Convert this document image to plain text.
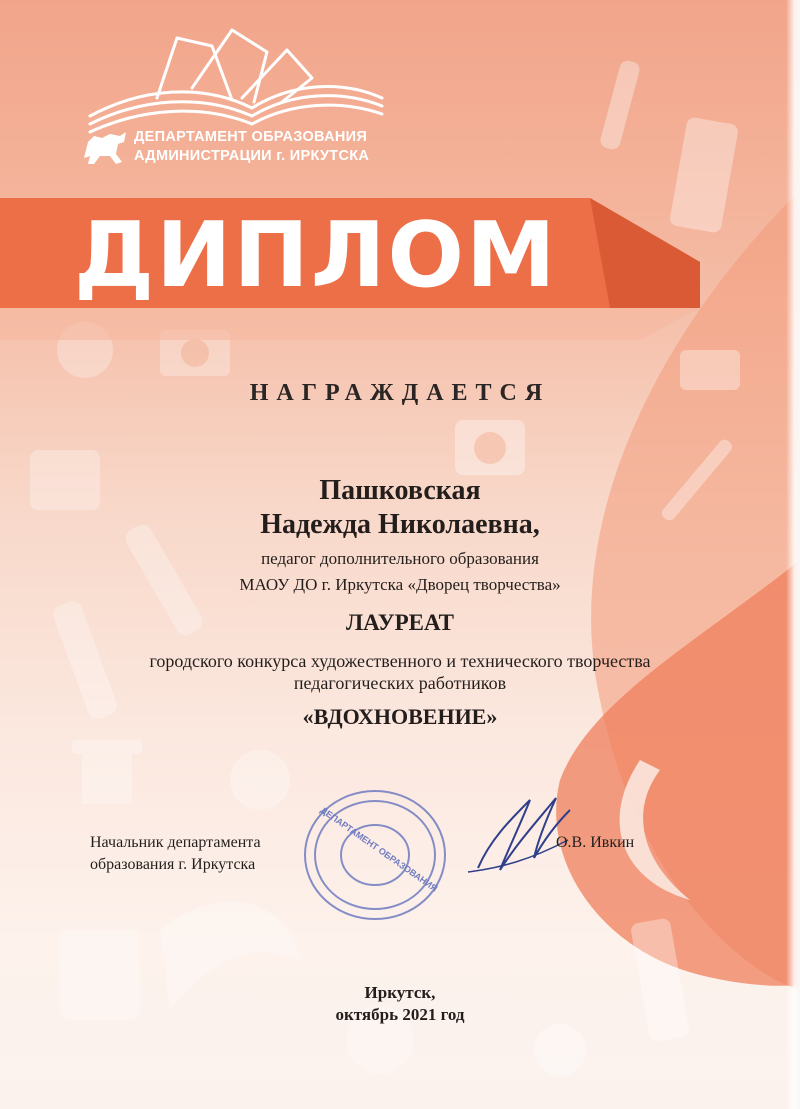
ДЕПАРТАМЕНТ ОБРАЗОВАНИЯ
АДМИНИСТРАЦИИ г. ИРКУТСКА
ДИПЛОМ
НАГРАЖДАЕТСЯ
Пашковская
Надежда Николаевна,
педагог дополнительного образования
МАОУ ДО г. Иркутска «Дворец творчества»
ЛАУРЕАТ
городского конкурса художественного и технического творчества
педагогических работников
«ВДОХНОВЕНИЕ»
Начальник департамента
образования г. Иркутска	ДЕПАРТАМЕНТ ОБРАЗОВАНИЯ	О.В. Ивкин
Иркутск,
октябрь 2021 год
